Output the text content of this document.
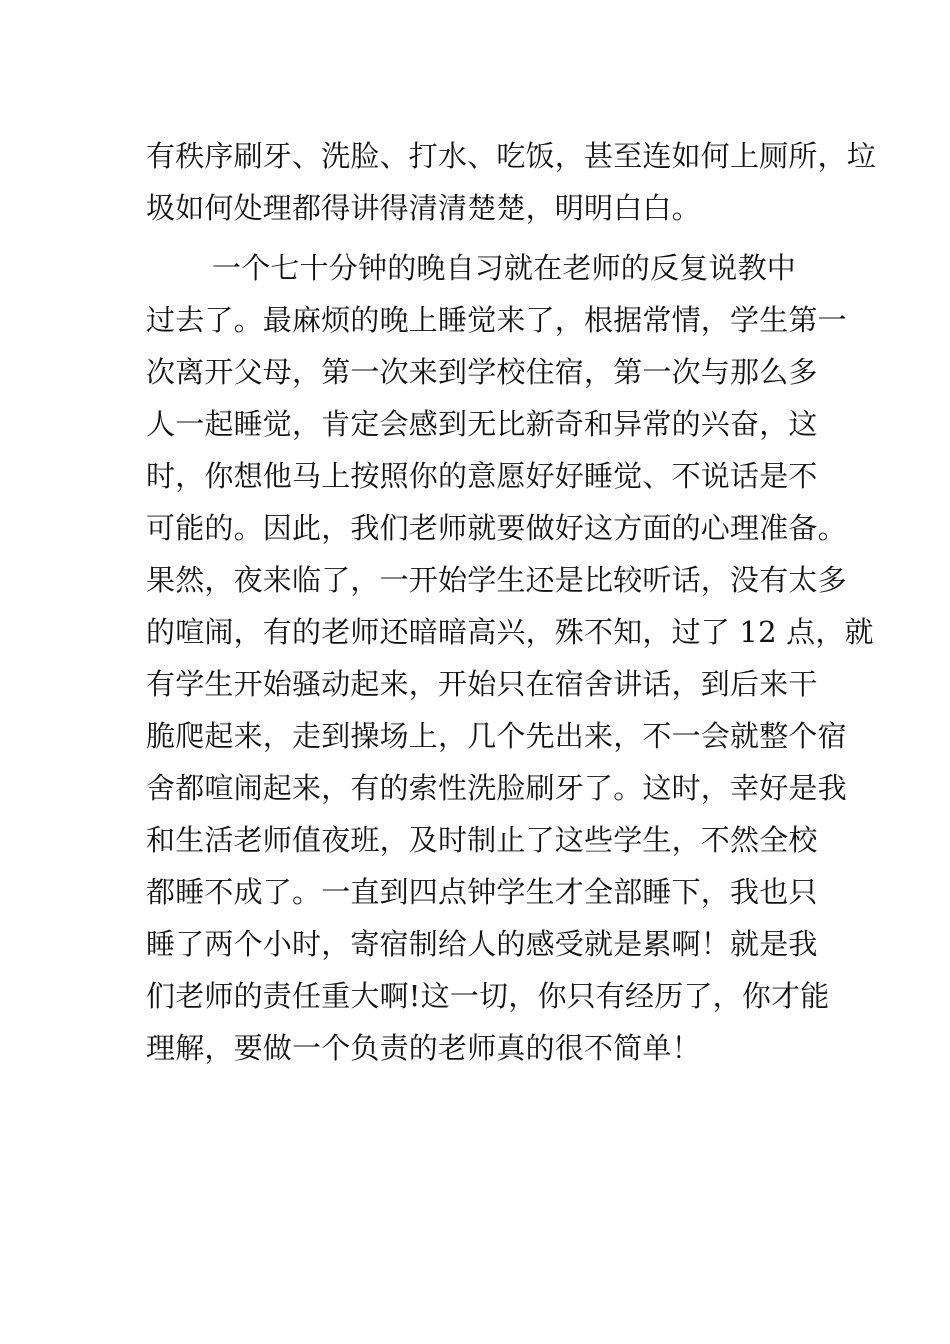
有秩序刷牙、洗脸、打水、吃饭，甚至连如何上厕所，垃
圾如何处理都得讲得清清楚楚，明明白白。
一个七十分钟的晚自习就在老师的反复说教中
过去了。最麻烦的晚上睡觉来了，根据常情，学生第一
次离开父母，第一次来到学校住宿，第一次与那么多
人一起睡觉，肯定会感到无比新奇和异常的兴奋，这
时，你想他马上按照你的意愿好好睡觉、不说话是不
可能的。因此，我们老师就要做好这方面的心理准备。
果然，夜来临了，一开始学生还是比较听话，没有太多
的喧闹，有的老师还暗暗高兴，殊不知，过了 12 点，就
有学生开始骚动起来，开始只在宿舍讲话，到后来干
脆爬起来，走到操场上，几个先出来，不一会就整个宿
舍都喧闹起来，有的索性洗脸刷牙了。这时，幸好是我
和生活老师值夜班，及时制止了这些学生，不然全校
都睡不成了。一直到四点钟学生才全部睡下，我也只
睡了两个小时，寄宿制给人的感受就是累啊！就是我
们老师的责任重大啊!这一切，你只有经历了，你才能
理解，要做一个负责的老师真的很不简单！
